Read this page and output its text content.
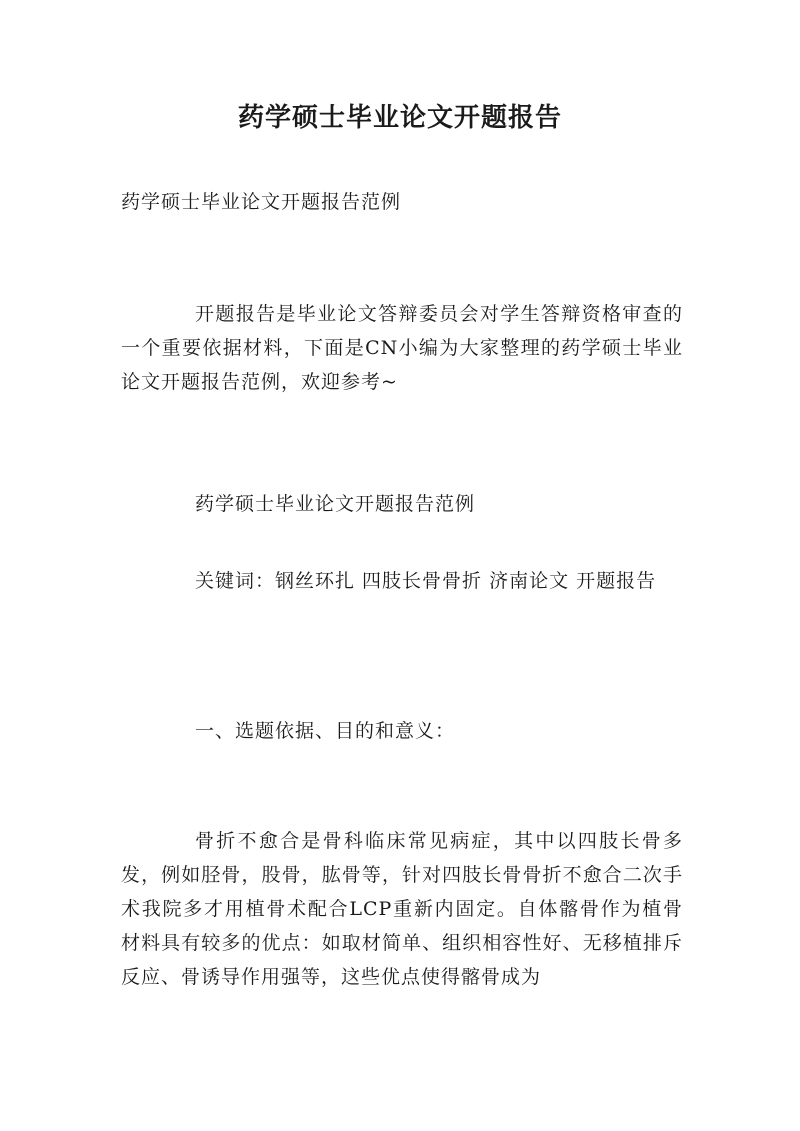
药学硕士毕业论文开题报告

药学硕士毕业论文开题报告范例

开题报告是毕业论文答辩委员会对学生答辩资格审查的一个重要依据材料，下面是CN小编为大家整理的药学硕士毕业论文开题报告范例，欢迎参考~

药学硕士毕业论文开题报告范例

关键词：钢丝环扎 四肢长骨骨折 济南论文 开题报告

一、选题依据、目的和意义：

骨折不愈合是骨科临床常见病症，其中以四肢长骨多发，例如胫骨，股骨，肱骨等，针对四肢长骨骨折不愈合二次手术我院多才用植骨术配合LCP重新内固定。自体髂骨作为植骨材料具有较多的优点：如取材简单、组织相容性好、无移植排斥反应、骨诱导作用强等，这些优点使得髂骨成为
